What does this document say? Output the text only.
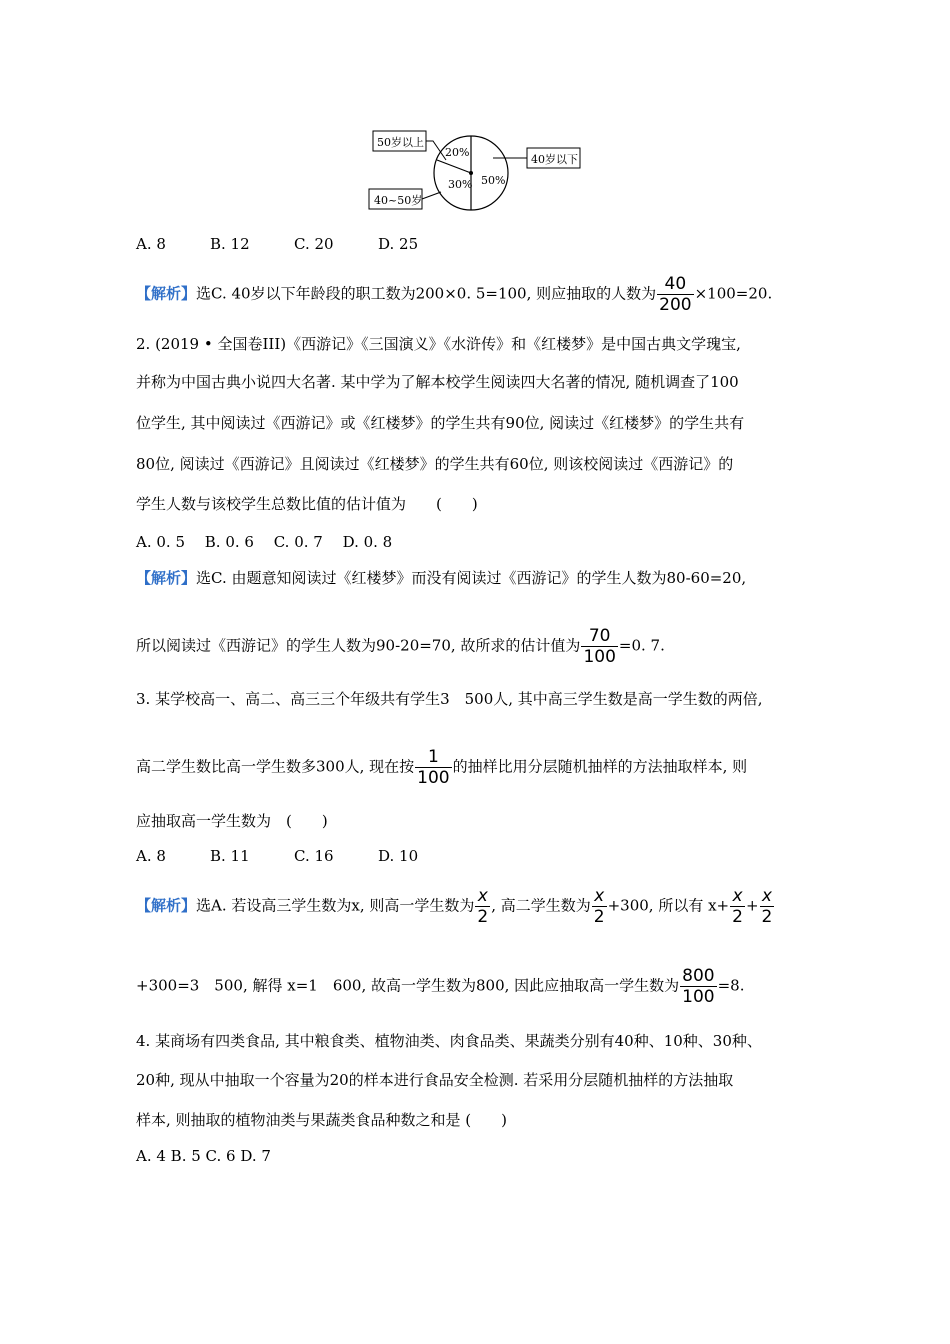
20%
30% 50%
50岁以上
40岁以下
40~50岁
A. 8	B. 12	C. 20	D. 25
【解析】选C. 40岁以下年龄段的职工数为200×0. 5=100, 则应抽取的人数为 $\frac{40}{200} \times 100=20$.
2. (2019 • 全国卷III)《西游记》《三国演义》《水浒传》和《红楼梦》是中国古典文学瑰宝,
并称为中国古典小说四大名著. 某中学为了解本校学生阅读四大名著的情况, 随机调查了100
位学生, 其中阅读过《西游记》或《红楼梦》的学生共有90位, 阅读过《红楼梦》的学生共有
80位, 阅读过《西游记》且阅读过《红楼梦》的学生共有60位, 则该校阅读过《西游记》的
学生人数与该校学生总数比值的估计值为　　(　　)
A. 0. 5　 B. 0. 6　 C. 0. 7　 D. 0. 8
【解析】选C. 由题意知阅读过《红楼梦》而没有阅读过《西游记》的学生人数为80-60=20,
所以阅读过《西游记》的学生人数为90-20=70, 故所求的估计值为 $\frac{70}{100} =0$. 7.
3. 某学校高一、高二、高三三个年级共有学生3　500人, 其中高三学生数是高一学生数的两倍,
高二学生数比高一学生数多300人, 现在按 $\frac{1}{100}$ 的抽样比用分层随机抽样的方法抽取样本, 则
应抽取高一学生数为　(　　)
A. 8	B. 11	C. 16	D. 10
【解析】选A. 若设高三学生数为x, 则高一学生数为 $\frac{x}{2}$ , 高二学生数为 $\frac{x}{2} +300$, 所以有 $x+ \frac{x}{2} + \frac{x}{2}$
+300=3　500, 解得 x=1　600, 故高一学生数为800, 因此应抽取高一学生数为 $\frac{800}{100} =8$.
4. 某商场有四类食品, 其中粮食类、植物油类、肉食品类、果蔬类分别有40种、10种、30种、
20种, 现从中抽取一个容量为20的样本进行食品安全检测. 若采用分层随机抽样的方法抽取
样本, 则抽取的植物油类与果蔬类食品种数之和是 (　　)
A. 4 B. 5 C. 6 D. 7
